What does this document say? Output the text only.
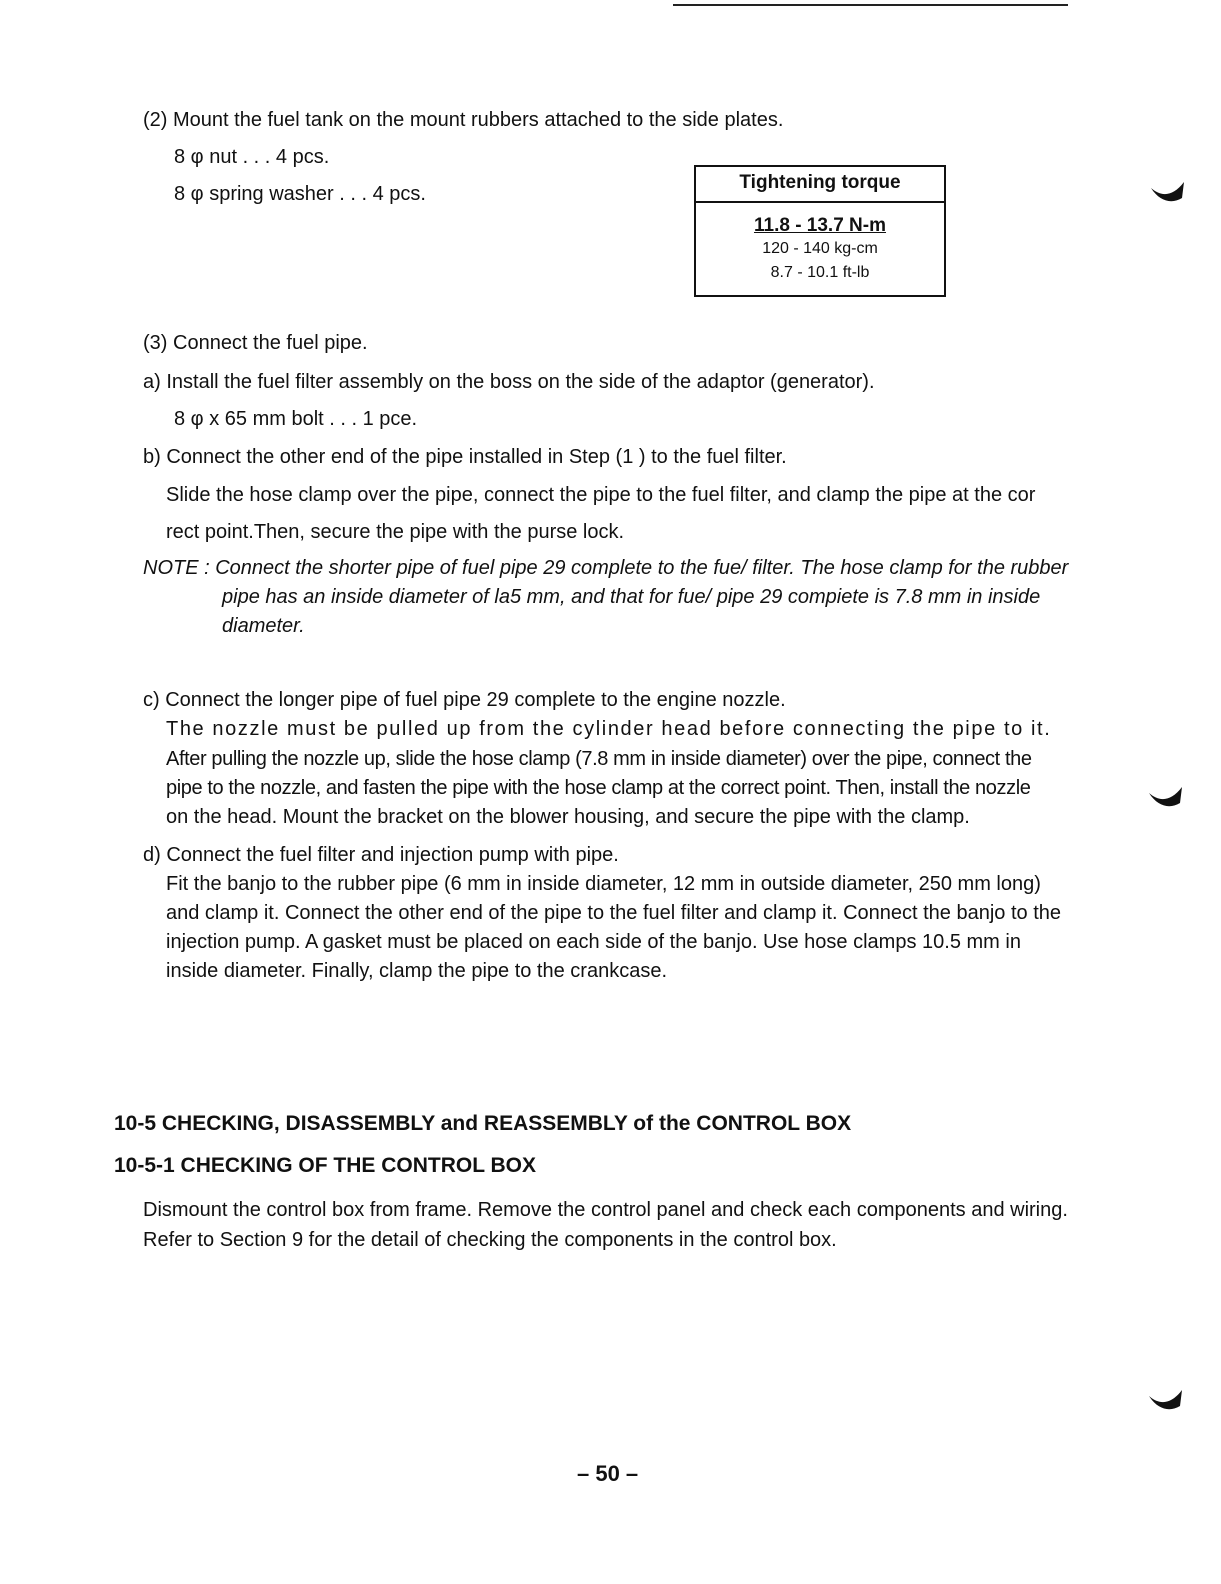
(2) Mount the fuel tank on the mount rubbers attached to the side plates.
8 φ nut . . . 4 pcs.
8 φ spring washer . . . 4 pcs.
Tightening torque
11.8 - 13.7 N-m
120 - 140 kg-cm
8.7 - 10.1 ft-lb
(3) Connect the fuel pipe.
a) Install the fuel filter assembly on the boss on the side of the adaptor (generator).
8 φ x 65 mm bolt . . . 1 pce.
b) Connect the other end of the pipe installed in Step (1 ) to the fuel filter.
Slide the hose clamp over the pipe, connect the pipe to the fuel filter, and clamp the pipe at the cor
rect point.Then, secure the pipe with the purse lock.
NOTE : Connect the shorter pipe of fuel pipe 29 complete to the fue/ filter. The hose clamp for the rubber
pipe has an inside diameter of la5 mm, and that for fue/ pipe 29 compiete is 7.8 mm in inside
diameter.
c) Connect the longer pipe of fuel pipe 29 complete to the engine nozzle.
The nozzle must be pulled up from the cylinder head before connecting the pipe to it.
After pulling the nozzle up, slide the hose clamp (7.8 mm in inside diameter) over the pipe, connect the
pipe to the nozzle, and fasten the pipe with the hose clamp at the correct point. Then, install the nozzle
on the head. Mount the bracket on the blower housing, and secure the pipe with the clamp.
d) Connect the fuel filter and injection pump with pipe.
Fit the banjo to the rubber pipe (6 mm in inside diameter, 12 mm in outside diameter, 250 mm long)
and clamp it. Connect the other end of the pipe to the fuel filter and clamp it. Connect the banjo to the
injection pump. A gasket must be placed on each side of the banjo. Use hose clamps 10.5 mm in
inside diameter. Finally, clamp the pipe to the crankcase.
10-5 CHECKING, DISASSEMBLY and REASSEMBLY of the CONTROL BOX
10-5-1 CHECKING OF THE CONTROL BOX
Dismount the control box from frame. Remove the control panel and check each components and wiring.
Refer to Section 9 for the detail of checking the components in the control box.
– 50 –
